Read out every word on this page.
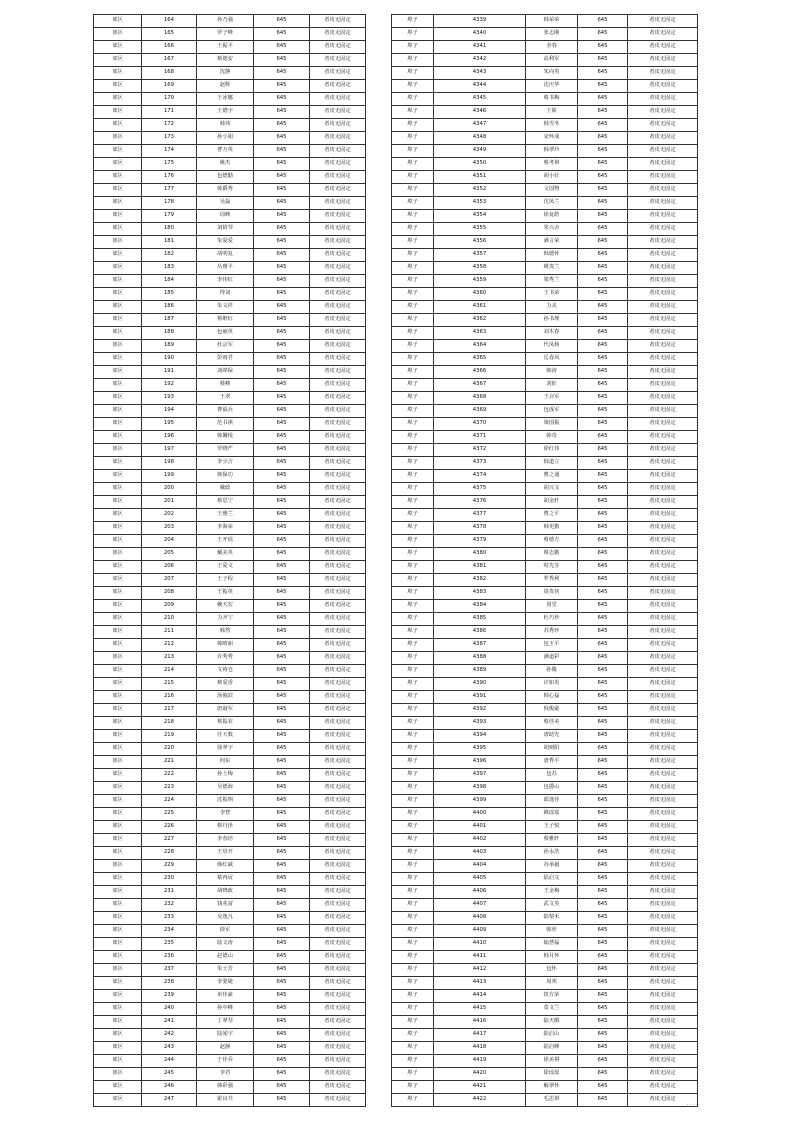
郊区	164	孙乃强	645	者皮无固定
郊区	165	罗子峰	645	者皮无固定
郊区	166	王振平	645	者皮无固定
郊区	167	蔡德安	645	者皮无固定
郊区	168	沈静	645	者皮无固定
郊区	169	赵辉	645	者皮无固定
郊区	170	王冰娜	645	者皮无固定
郊区	171	王德宇	645	者皮无固定
郊区	172	韩伟	645	者皮无固定
郊区	173	孙小娟	645	者皮无固定
郊区	174	曹方英	645	者皮无固定
郊区	175	姚杰	645	者皮无固定
郊区	176	包德勤	645	者皮无固定
郊区	177	韩爵秀	645	者皮无固定
郊区	178	吴磊	645	者皮无固定
郊区	179	周峰	645	者皮无固定
郊区	180	刘猜琴	645	者皮无固定
郊区	181	朱爱爱	645	者皮无固定
郊区	182	胡明复	645	者皮无固定
郊区	183	丛雅平	645	者皮无固定
郊区	184	李伟红	645	者皮无固定
郊区	185	得刘	645	者皮无固定
郊区	186	朱文祥	645	者皮无固定
郊区	187	蔡维红	645	者皮无固定
郊区	188	包丽英	645	者皮无固定
郊区	189	杜宗军	645	者皮无固定
郊区	190	彭雨君	645	者皮无固定
郊区	191	刘绵保	645	者皮无固定
郊区	192	蔡峰	645	者皮无固定
郊区	193	王翠	645	者皮无固定
郊区	194	曹福兵	645	者皮无固定
郊区	195	范书祺	645	者皮无固定
郊区	196	韩馨悦	645	者皮无固定
郊区	197	罗晓严	645	者皮无固定
郊区	198	李少吉	645	者皮无固定
郊区	199	韩保功	645	者皮无固定
郊区	200	戴政	645	者皮无固定
郊区	201	蔡思宁	645	者皮无固定
郊区	202	王雅兰	645	者皮无固定
郊区	203	李海荣	645	者皮无固定
郊区	204	王开瑶	645	者皮无固定
郊区	205	戴美英	645	者皮无固定
郊区	206	王爱文	645	者皮无固定
郊区	207	王子程	645	者皮无固定
郊区	208	王振英	645	者皮无固定
郊区	209	赖天宏	645	者皮无固定
郊区	210	力齐宁	645	者皮无固定
郊区	211	韩然	645	者皮无固定
郊区	212	韩晴丽	645	者皮无固定
郊区	213	许秀秀	645	者皮无固定
郊区	214	文裕仓	645	者皮无固定
郊区	215	蔡爱香	645	者皮无固定
郊区	216	汤俊滨	645	者皮无固定
郊区	217	唐淑军	645	者皮无固定
郊区	218	蔡振农	645	者皮无固定
郊区	219	任天歌	645	者皮无固定
郊区	220	徐翠宇	645	者皮无固定
郊区	221	何东	645	者皮无固定
郊区	222	孙士梅	645	者皮无固定
郊区	223	吴德海	645	者皮无固定
郊区	224	沈振翔	645	者皮无固定
郊区	225	李智	645	者皮无固定
郊区	226	蔡丹泽	645	者皮无固定
郊区	227	李春培	645	者皮无固定
郊区	228	王崇开	645	者皮无固定
郊区	229	韩红斌	645	者皮无固定
郊区	230	蔡再谊	645	者皮无固定
郊区	231	胡晓政	645	者皮无固定
郊区	232	钱兆富	645	者皮无固定
郊区	233	吴逸凡	645	者皮无固定
郊区	234	徐军	645	者皮无固定
郊区	235	陆文涛	645	者皮无固定
郊区	236	赵德山	645	者皮无固定
郊区	237	朱士芳	645	者皮无固定
郊区	238	李要婕	645	者皮无固定
郊区	239	单佳豪	645	者皮无固定
郊区	240	孙中峰	645	者皮无固定
郊区	241	丁翠琴	645	者皮无固定
郊区	242	陆闻宇	645	者皮无固定
郊区	243	赵静	645	者皮无固定
郊区	244	于佳乔	645	者皮无固定
郊区	245	李君	645	者皮无固定
郊区	246	韩彩强	645	者皮无固定
郊区	247	霍良共	645	者皮无固定
埠子	4339	韩荣荣	645	者皮无固定
埠子	4340	张志刚	645	者皮无固定
埠子	4341	李春	645	者皮无固定
埠子	4342	高利军	645	者皮无固定
埠子	4343	朱向英	645	者皮无固定
埠子	4344	沈庆华	645	者皮无固定
埠子	4345	蔡书梅	645	者皮无固定
埠子	4346	王筱	645	者皮无固定
埠子	4347	韩雪冬	645	者皮无固定
埠子	4348	宋怀成	645	者皮无固定
埠子	4349	韩翠玲	645	者皮无固定
埠子	4350	蔡考祺	645	者皮无固定
埠子	4351	胡小壮	645	者皮无固定
埠子	4352	文国物	645	者皮无固定
埠子	4353	沈凤兰	645	者皮无固定
埠子	4354	徐复皓	645	者皮无固定
埠子	4355	朱兴舍	645	者皮无固定
埠子	4356	满言荣	645	者皮无固定
埠子	4357	韩德怀	645	者皮无固定
埠子	4358	姚贵兰	645	者皮无固定
埠子	4359	梁秀兰	645	者皮无固定
埠子	4360	王书荣	645	者皮无固定
埠子	4361	力美	645	者皮无固定
埠子	4362	孙书理	645	者皮无固定
埠子	4363	刘木春	645	者皮无固定
埠子	4364	代凤杨	645	者皮无固定
埠子	4365	岳春风	645	者皮无固定
埠子	4366	韩涛	645	者皮无固定
埠子	4367	刘征	645	者皮无固定
埠子	4368	王召军	645	者皮无固定
埠子	4369	包成军	645	者皮无固定
埠子	4370	梁国振	645	者皮无固定
埠子	4371	韩奇	645	者皮无固定
埠子	4372	徐红伟	645	者皮无固定
埠子	4373	韩道立	645	者皮无固定
埠子	4374	曹之通	645	者皮无固定
埠子	4375	胡兴文	645	者皮无固定
埠子	4376	胡金轩	645	者皮无固定
埠子	4377	曹之平	645	者皮无固定
埠子	4378	韩更勤	645	者皮无固定
埠子	4379	蔡德方	645	者皮无固定
埠子	4380	蔡志勤	645	者皮无固定
埠子	4381	时先芬	645	者皮无固定
埠子	4382	罗秀利	645	者皮无固定
埠子	4383	周贵侠	645	者皮无固定
埠子	4384	周堂	645	者皮无固定
埠子	4385	杜巧珍	645	者皮无固定
埠子	4386	苏秀珍	645	者皮无固定
埠子	4387	包玉平	645	者皮无固定
埠子	4388	满道彩	645	者皮无固定
埠子	4389	孙微	645	者皮无固定
埠子	4390	许如英	645	者皮无固定
埠子	4391	韩心磊	645	者皮无固定
埠子	4392	倪俊豪	645	者皮无固定
埠子	4393	蔡佳美	645	者皮无固定
埠子	4394	唐助先	645	者皮无固定
埠子	4395	胡则阳	645	者皮无固定
埠子	4396	唐秀平	645	者皮无固定
埠子	4397	包苏	645	者皮无固定
埠子	4398	包爵山	645	者皮无固定
埠子	4399	邱逸佳	645	者皮无固定
埠子	4400	姚瑶瑶	645	者皮无固定
埠子	4401	王子悦	645	者皮无固定
埠子	4402	蔡雅轩	645	者皮无固定
埠子	4403	孙永浩	645	者皮无固定
埠子	4404	谷承毅	645	者皮无固定
埠子	4405	陆启文	645	者皮无固定
埠子	4406	王金梅	645	者皮无固定
埠子	4407	武文英	645	者皮无固定
埠子	4408	陆梨禾	645	者皮无固定
埠子	4409	韩奕	645	者皮无固定
埠子	4410	翰慧磊	645	者皮无固定
埠子	4411	韩月怀	645	者皮无固定
埠子	4412	包怀	645	者皮无固定
埠子	4413	周邦	645	者皮无固定
埠子	4414	铁方荣	645	者皮无固定
埠子	4415	莫文兰	645	者皮无固定
埠子	4416	陆天暇	645	者皮无固定
埠子	4417	陆启山	645	者皮无固定
埠子	4418	陆启峰	645	者皮无固定
埠子	4419	徐美祺	645	者皮无固定
埠子	4420	徐瑶瑶	645	者皮无固定
埠子	4421	解翠怀	645	者皮无固定
埠子	4422	毛思祺	645	者皮无固定
·····
